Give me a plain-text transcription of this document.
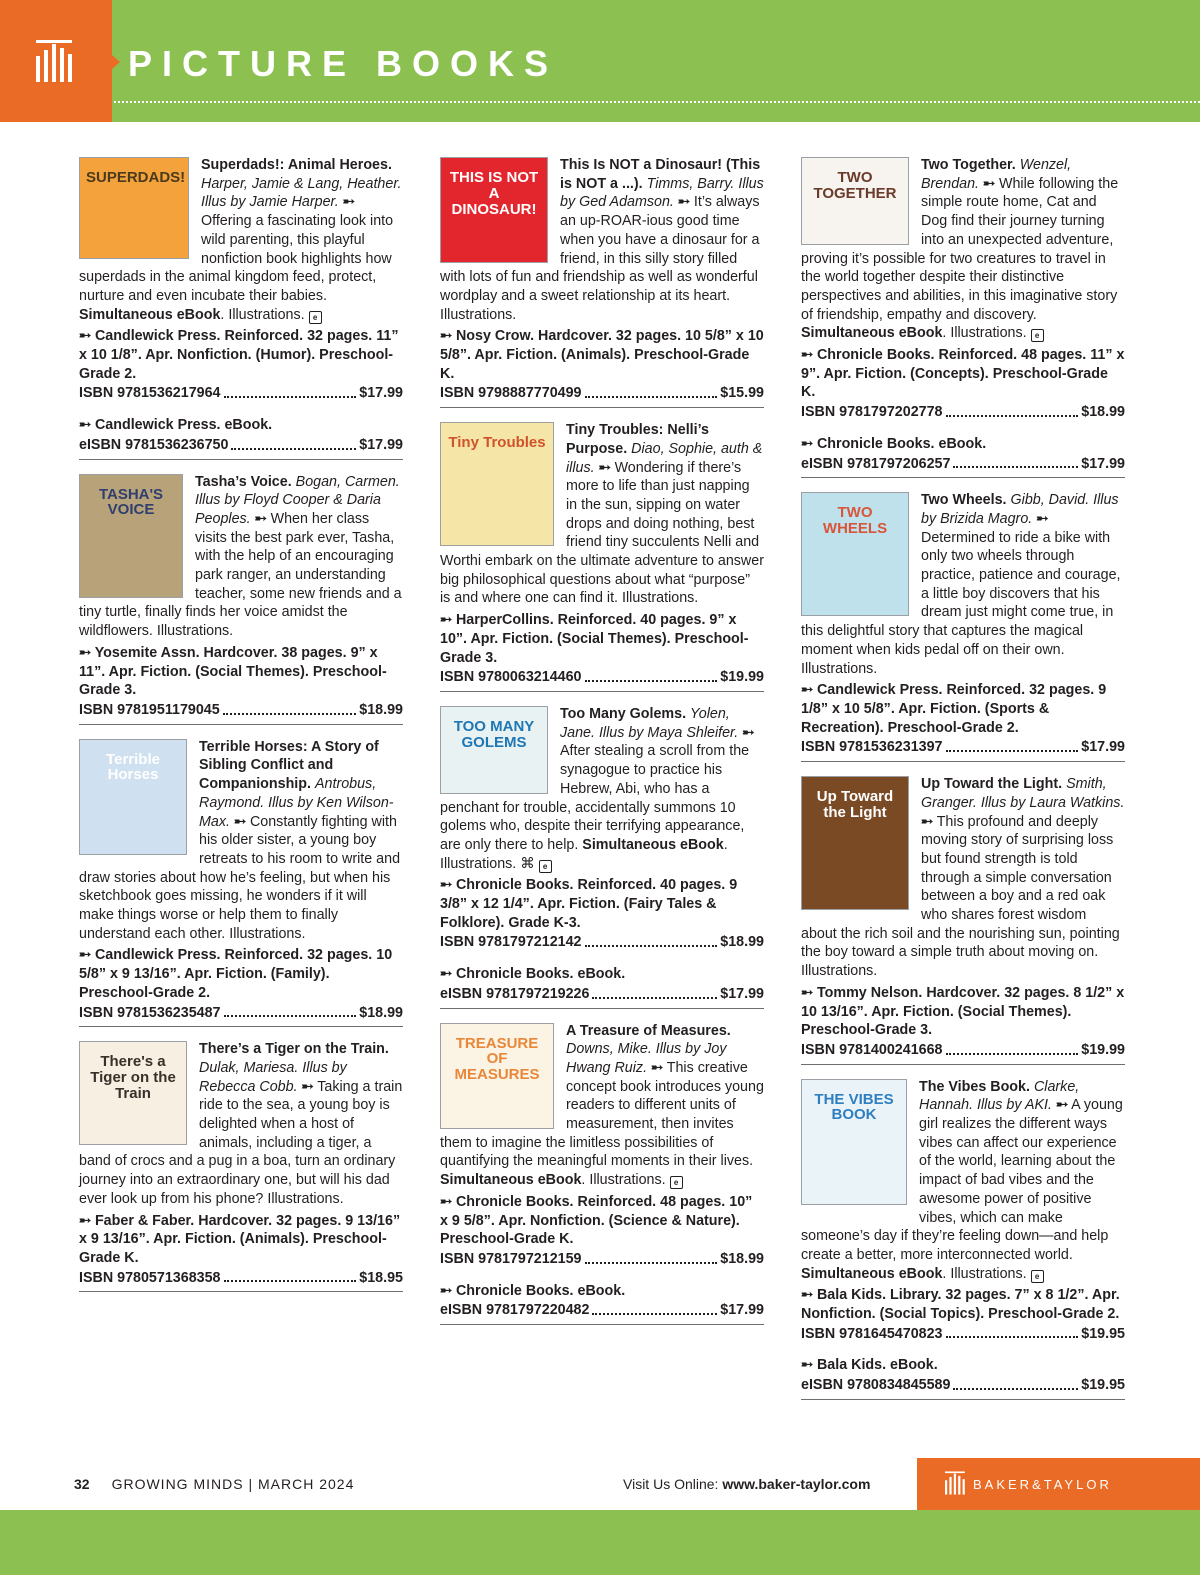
PICTURE BOOKS

SUPERDADS!
Superdads!: Animal Heroes. Harper, Jamie & Lang, Heather. Illus by Jamie Harper. ➸ Offering a fascinating look into wild parenting, this playful nonfiction book highlights how superdads in the animal kingdom feed, protect, nurture and even incubate their babies. Simultaneous eBook. Illustrations. e

➸ Candlewick Press. Reinforced. 32 pages. 11” x 10 1/8”. Apr. Nonfiction. (Humor). Preschool-Grade 2.
ISBN 9781536217964	$17.99
➸ Candlewick Press. eBook.
eISBN 9781536236750	$17.99

TASHA'S VOICE
Tasha’s Voice. Bogan, Carmen. Illus by Floyd Cooper & Daria Peoples. ➸ When her class visits the best park ever, Tasha, with the help of an encouraging park ranger, an understanding teacher, some new friends and a tiny turtle, finally finds her voice amidst the wildflowers. Illustrations.

➸ Yosemite Assn. Hardcover. 38 pages. 9” x 11”. Apr. Fiction. (Social Themes). Preschool-Grade 3.
ISBN 9781951179045	$18.99

Terrible Horses
Terrible Horses: A Story of Sibling Conflict and Companionship. Antrobus, Raymond. Illus by Ken Wilson-Max. ➸ Constantly fighting with his older sister, a young boy retreats to his room to write and draw stories about how he’s feeling, but when his sketchbook goes missing, he wonders if it will make things worse or help them to finally understand each other. Illustrations.

➸ Candlewick Press. Reinforced. 32 pages. 10 5/8” x 9 13/16”. Apr. Fiction. (Family). Preschool-Grade 2.
ISBN 9781536235487	$18.99

There's a Tiger on the Train
There’s a Tiger on the Train. Dulak, Mariesa. Illus by Rebecca Cobb. ➸ Taking a train ride to the sea, a young boy is delighted when a host of animals, including a tiger, a band of crocs and a pug in a boa, turn an ordinary journey into an extraordinary one, but will his dad ever look up from his phone? Illustrations.

➸ Faber & Faber. Hardcover. 32 pages. 9 13/16” x 9 13/16”. Apr. Fiction. (Animals). Preschool-Grade K.
ISBN 9780571368358	$18.95

THIS IS NOT A DINOSAUR!
This Is NOT a Dinosaur! (This is NOT a ...). Timms, Barry. Illus by Ged Adamson. ➸ It’s always an up-ROAR-ious good time when you have a dinosaur for a friend, in this silly story filled with lots of fun and friendship as well as wonderful wordplay and a sweet relationship at its heart. Illustrations.

➸ Nosy Crow. Hardcover. 32 pages. 10 5/8” x 10 5/8”. Apr. Fiction. (Animals). Preschool-Grade K.
ISBN 9798887770499	$15.99

Tiny Troubles
Tiny Troubles: Nelli’s Purpose. Diao, Sophie, auth & illus. ➸ Wondering if there’s more to life than just napping in the sun, sipping on water drops and doing nothing, best friend tiny succulents Nelli and Worthi embark on the ultimate adventure to answer big philosophical questions about what “purpose” is and where one can find it. Illustrations.

➸ HarperCollins. Reinforced. 40 pages. 9” x 10”. Apr. Fiction. (Social Themes). Preschool-Grade 3.
ISBN 9780063214460	$19.99

TOO MANY GOLEMS
Too Many Golems. Yolen, Jane. Illus by Maya Shleifer. ➸ After stealing a scroll from the synagogue to practice his Hebrew, Abi, who has a penchant for trouble, accidentally summons 10 golems who, despite their terrifying appearance, are only there to help. Simultaneous eBook. Illustrations. ⌘ e

➸ Chronicle Books. Reinforced. 40 pages. 9 3/8” x 12 1/4”. Apr. Fiction. (Fairy Tales & Folklore). Grade K-3.
ISBN 9781797212142	$18.99
➸ Chronicle Books. eBook.
eISBN 9781797219226	$17.99

TREASURE OF MEASURES
A Treasure of Measures. Downs, Mike. Illus by Joy Hwang Ruiz. ➸ This creative concept book introduces young readers to different units of measurement, then invites them to imagine the limitless possibilities of quantifying the meaningful moments in their lives. Simultaneous eBook. Illustrations. e

➸ Chronicle Books. Reinforced. 48 pages. 10” x 9 5/8”. Apr. Nonfiction. (Science & Nature). Preschool-Grade K.
ISBN 9781797212159	$18.99
➸ Chronicle Books. eBook.
eISBN 9781797220482	$17.99

TWO TOGETHER
Two Together. Wenzel, Brendan. ➸ While following the simple route home, Cat and Dog find their journey turning into an unexpected adventure, proving it’s possible for two creatures to travel in the world together despite their distinctive perspectives and abilities, in this imaginative story of friendship, empathy and discovery. Simultaneous eBook. Illustrations. e

➸ Chronicle Books. Reinforced. 48 pages. 11” x 9”. Apr. Fiction. (Concepts). Preschool-Grade K.
ISBN 9781797202778	$18.99
➸ Chronicle Books. eBook.
eISBN 9781797206257	$17.99

TWO WHEELS
Two Wheels. Gibb, David. Illus by Brizida Magro. ➸ Determined to ride a bike with only two wheels through practice, patience and courage, a little boy discovers that his dream just might come true, in this delightful story that captures the magical moment when kids pedal off on their own. Illustrations.

➸ Candlewick Press. Reinforced. 32 pages. 9 1/8” x 10 5/8”. Apr. Fiction. (Sports & Recreation). Preschool-Grade 2.
ISBN 9781536231397	$17.99

Up Toward the Light
Up Toward the Light. Smith, Granger. Illus by Laura Watkins. ➸ This profound and deeply moving story of surprising loss but found strength is told through a simple conversation between a boy and a red oak who shares forest wisdom about the rich soil and the nourishing sun, pointing the boy toward a simple truth about moving on. Illustrations.

➸ Tommy Nelson. Hardcover. 32 pages. 8 1/2” x 10 13/16”. Apr. Fiction. (Social Themes). Preschool-Grade 3.
ISBN 9781400241668	$19.99

THE VIBES BOOK
The Vibes Book. Clarke, Hannah. Illus by AKI. ➸ A young girl realizes the different ways vibes can affect our experience of the world, learning about the impact of bad vibes and the awesome power of positive vibes, which can make someone’s day if they’re feeling down—and help create a better, more interconnected world. Simultaneous eBook. Illustrations. e

➸ Bala Kids. Library. 32 pages. 7” x 8 1/2”. Apr. Nonfiction. (Social Topics). Preschool-Grade 2.
ISBN 9781645470823	$19.95
➸ Bala Kids. eBook.
eISBN 9780834845589	$19.95
32 GROWING MINDS | MARCH 2024	Visit Us Online: www.baker-taylor.com	BAKER&TAYLOR
